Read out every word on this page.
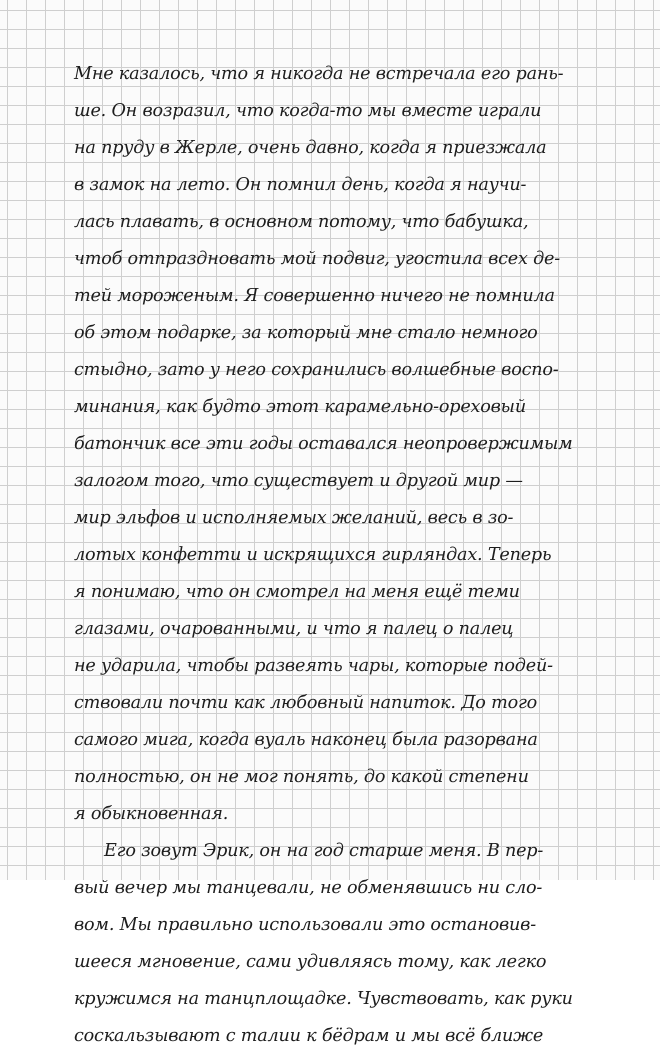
Мне казалось, что я никогда не встречала его рань-
ше. Он возразил, что когда-то мы вместе играли
на пруду в Жерле, очень давно, когда я приезжала
в замок на лето. Он помнил день, когда я научи-
лась плавать, в основном потому, что бабушка,
чтоб отпраздновать мой подвиг, угостила всех де-
тей мороженым. Я совершенно ничего не помнила
об этом подарке, за который мне стало немного
стыдно, зато у него сохранились волшебные воспо-
минания, как будто этот карамельно-ореховый
батончик все эти годы оставался неопровержимым
залогом того, что существует и другой мир —
мир эльфов и исполняемых желаний, весь в зо-
лотых конфетти и искрящихся гирляндах. Теперь
я понимаю, что он смотрел на меня ещё теми
глазами, очарованными, и что я палец о палец
не ударила, чтобы развеять чары, которые подей-
ствовали почти как любовный напиток. До того
самого мига, когда вуаль наконец была разорвана
полностью, он не мог понять, до какой степени
я обыкновенная.
Его зовут Эрик, он на год старше меня. В пер-
вый вечер мы танцевали, не обменявшись ни сло-
вом. Мы правильно использовали это остановив-
шееся мгновение, сами удивляясь тому, как легко
кружимся на танцплощадке. Чувствовать, как руки
соскальзывают с талии к бёдрам и мы всё ближе
